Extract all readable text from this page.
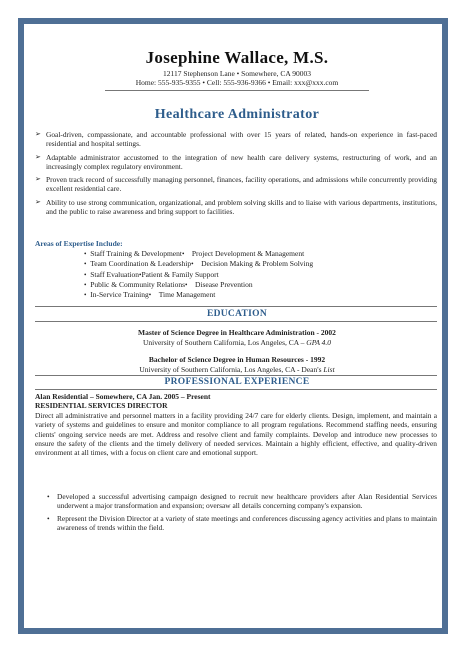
Josephine Wallace, M.S.
12117 Stephenson Lane • Somewhere, CA 90003
Home: 555-935-9355 • Cell: 555-936-9366 • Email: xxx@xxx.com
Healthcare Administrator
➢ Goal-driven, compassionate, and accountable professional with over 15 years of related, hands-on experience in fast-paced residential and hospital settings.
➢ Adaptable administrator accustomed to the integration of new health care delivery systems, restructuring of work, and an increasingly complex regulatory environment.
➢ Proven track record of successfully managing personnel, finances, facility operations, and admissions while concurrently providing excellent residential care.
➢ Ability to use strong communication, organizational, and problem solving skills and to liaise with various departments, institutions, and the public to raise awareness and bring support to facilities.
Areas of Expertise Include:
• Staff Training & Development• Project Development & Management
• Team Coordination & Leadership• Decision Making & Problem Solving
• Staff Evaluation•Patient & Family Support
• Public & Community Relations• Disease Prevention
• In-Service Training• Time Management
EDUCATION
Master of Science Degree in Healthcare Administration - 2002
University of Southern California, Los Angeles, CA – GPA 4.0
Bachelor of Science Degree in Human Resources - 1992
University of Southern California, Los Angeles, CA - Dean's List
PROFESSIONAL EXPERIENCE
Alan Residential – Somewhere, CA Jan. 2005 – Present
RESIDENTIAL SERVICES DIRECTOR

Direct all administrative and personnel matters in a facility providing 24/7 care for elderly clients. Design, implement, and maintain a variety of systems and guidelines to ensure and monitor compliance to all program regulations. Recommend staffing needs, ensuring clients' ongoing service needs are met. Address and resolve client and family complaints. Develop and introduce new processes to ensure the safety of the clients and the timely delivery of needed services. Maintain a highly efficient, effective, and quality-driven environment at all times, with a focus on client care and emotional support.

• Developed a successful advertising campaign designed to recruit new healthcare providers after Alan Residential Services underwent a major transformation and expansion; oversaw all details concerning company's expansion.
• Represent the Division Director at a variety of state meetings and conferences discussing agency activities and plans to maintain awareness of trends within the field.
